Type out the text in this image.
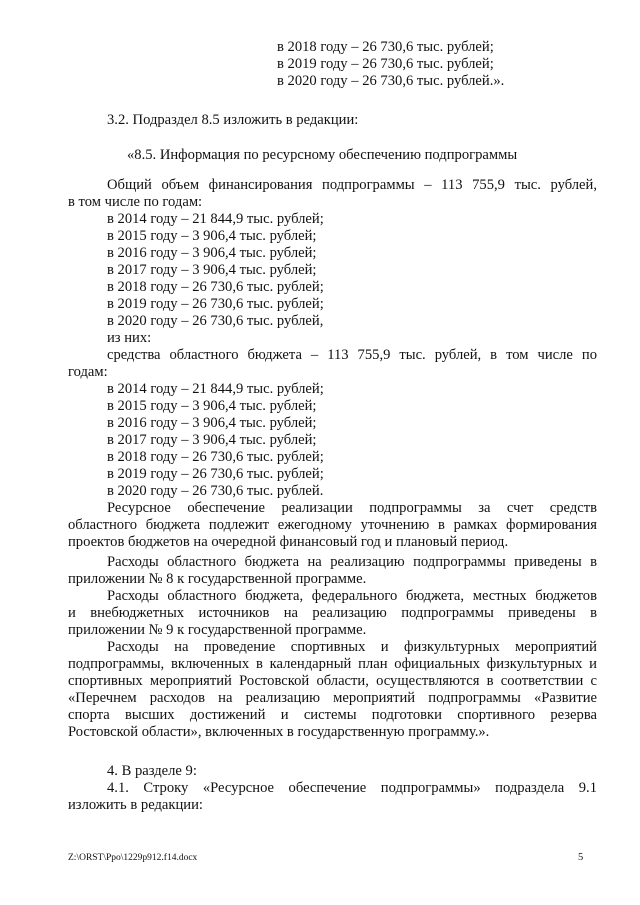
в 2018 году – 26 730,6 тыс. рублей;
в 2019 году – 26 730,6 тыс. рублей;
в 2020 году – 26 730,6 тыс. рублей.».
3.2. Подраздел 8.5 изложить в редакции:
«8.5. Информация по ресурсному обеспечению подпрограммы
Общий объем финансирования подпрограммы – 113 755,9 тыс. рублей,
в том числе по годам:
в 2014 году – 21 844,9 тыс. рублей;
в 2015 году – 3 906,4 тыс. рублей;
в 2016 году – 3 906,4 тыс. рублей;
в 2017 году – 3 906,4 тыс. рублей;
в 2018 году – 26 730,6 тыс. рублей;
в 2019 году – 26 730,6 тыс. рублей;
в 2020 году – 26 730,6 тыс. рублей,
из них:
средства областного бюджета – 113 755,9 тыс. рублей, в том числе по
годам:
в 2014 году – 21 844,9 тыс. рублей;
в 2015 году – 3 906,4 тыс. рублей;
в 2016 году – 3 906,4 тыс. рублей;
в 2017 году – 3 906,4 тыс. рублей;
в 2018 году – 26 730,6 тыс. рублей;
в 2019 году – 26 730,6 тыс. рублей;
в 2020 году – 26 730,6 тыс. рублей.
Ресурсное обеспечение реализации подпрограммы за счет средств
областного бюджета подлежит ежегодному уточнению в рамках формирования
проектов бюджетов на очередной финансовый год и плановый период.
Расходы областного бюджета на реализацию подпрограммы приведены в
приложении № 8 к государственной программе.
Расходы областного бюджета, федерального бюджета, местных бюджетов
и внебюджетных источников на реализацию подпрограммы приведены в
приложении № 9 к государственной программе.
Расходы на проведение спортивных и физкультурных мероприятий
подпрограммы, включенных в календарный план официальных физкультурных и
спортивных мероприятий Ростовской области, осуществляются в соответствии с
«Перечнем расходов на реализацию мероприятий подпрограммы «Развитие
спорта высших достижений и системы подготовки спортивного резерва
Ростовской области», включенных в государственную программу.».
4. В разделе 9:
4.1. Строку «Ресурсное обеспечение подпрограммы» подраздела 9.1
изложить в редакции:
Z:\ORST\Ppo\1229p912.f14.docx	5
